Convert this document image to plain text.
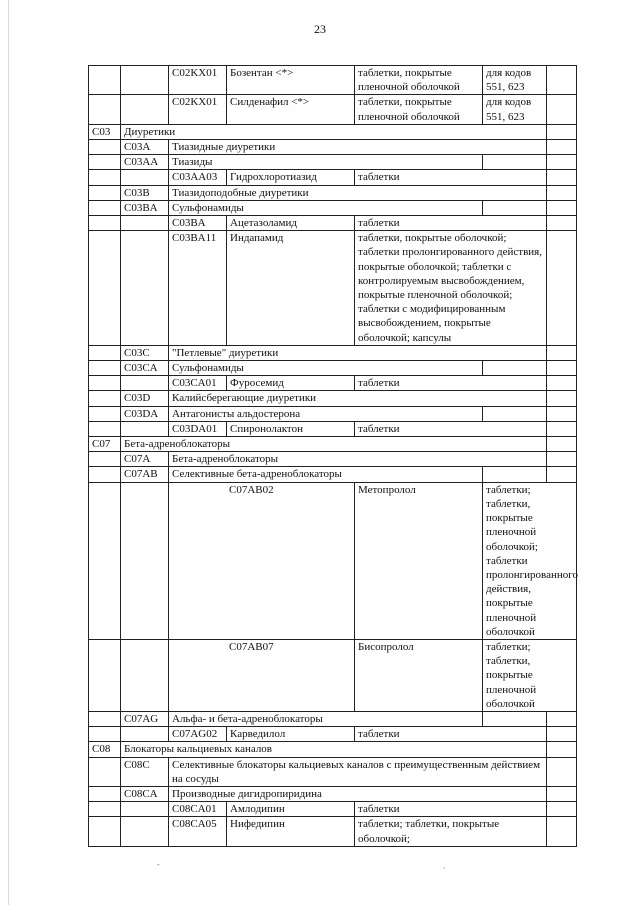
23
		C02KX01	Бозентан <*>	таблетки, покрытые пленочной оболочкой	для кодов 551, 623	
		C02KX01	Силденафил <*>	таблетки, покрытые пленочной оболочкой	для кодов 551, 623	
C03	Диуретики					
	C03A	Тиазидные диуретики				
	C03AA	Тиазиды				
		C03AA03	Гидрохлоротиазид	таблетки		
	C03B	Тиазидоподобные диуретики				
	C03BA	Сульфонамиды				
		C03BA	Ацетазоламид	таблетки		
		C03BA11	Индапамид	таблетки, покрытые оболочкой; таблетки пролонгированного действия, покрытые оболочкой; таблетки с контролируемым высвобождением, покрытые пленочной оболочкой; таблетки с модифицированным высвобождением, покрытые оболочкой; капсулы		
	C03C	"Петлевые" диуретики				
	C03CA	Сульфонамиды				
		C03CA01	Фуросемид	таблетки		
	C03D	Калийсберегающие диуретики				
	C03DA	Антагонисты альдостерона				
		C03DA01	Спиронолактон	таблетки		
C07	Бета-адреноблокаторы					
	C07A	Бета-адреноблокаторы				
	C07AB	Селективные бета-адреноблокаторы				
		C07AB02		Метопролол	таблетки; таблетки, покрытые пленочной оболочкой; таблетки пролонгированного действия, покрытые пленочной оболочкой	
		C07AB07		Бисопролол	таблетки; таблетки, покрытые пленочной оболочкой	
	C07AG	Альфа- и бета-адреноблокаторы				
		C07AG02	Карведилол	таблетки		
C08	Блокаторы кальциевых каналов					
	C08C	Селективные блокаторы кальциевых каналов с преимущественным действием на сосуды				
	C08CA	Производные дигидропиридина				
		C08CA01	Амлодипин	таблетки		
		C08CA05	Нифедипин	таблетки; таблетки, покрытые оболочкой;		
-	ˎ
